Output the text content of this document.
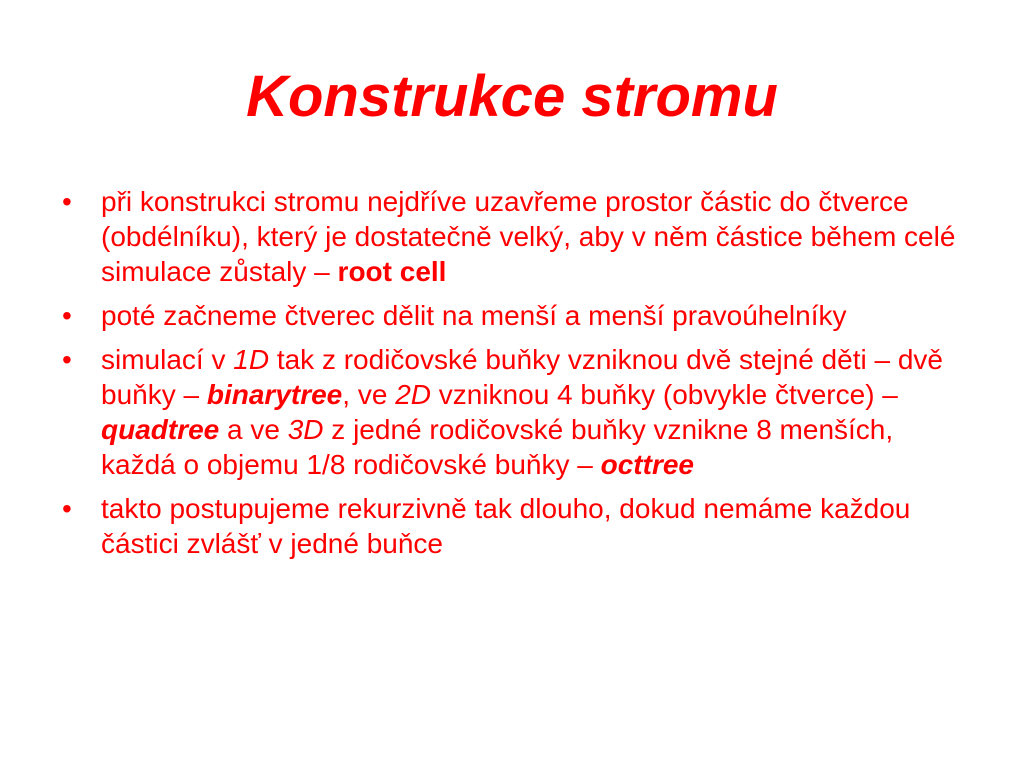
Konstrukce stromu
• při konstrukci stromu nejdříve uzavřeme prostor částic do čtverce (obdélníku), který je dostatečně velký, aby v něm částice během celé simulace zůstaly – root cell
• poté začneme čtverec dělit na menší a menší pravoúhelníky
• simulací v 1D tak z rodičovské buňky vzniknou dvě stejné děti – dvě buňky – binarytree, ve 2D vzniknou 4 buňky (obvykle čtverce) – quadtree a ve 3D z jedné rodičovské buňky vznikne 8 menších, každá o objemu 1/8 rodičovské buňky – octtree
• takto postupujeme rekurzivně tak dlouho, dokud nemáme každou částici zvlášť v jedné buňce
